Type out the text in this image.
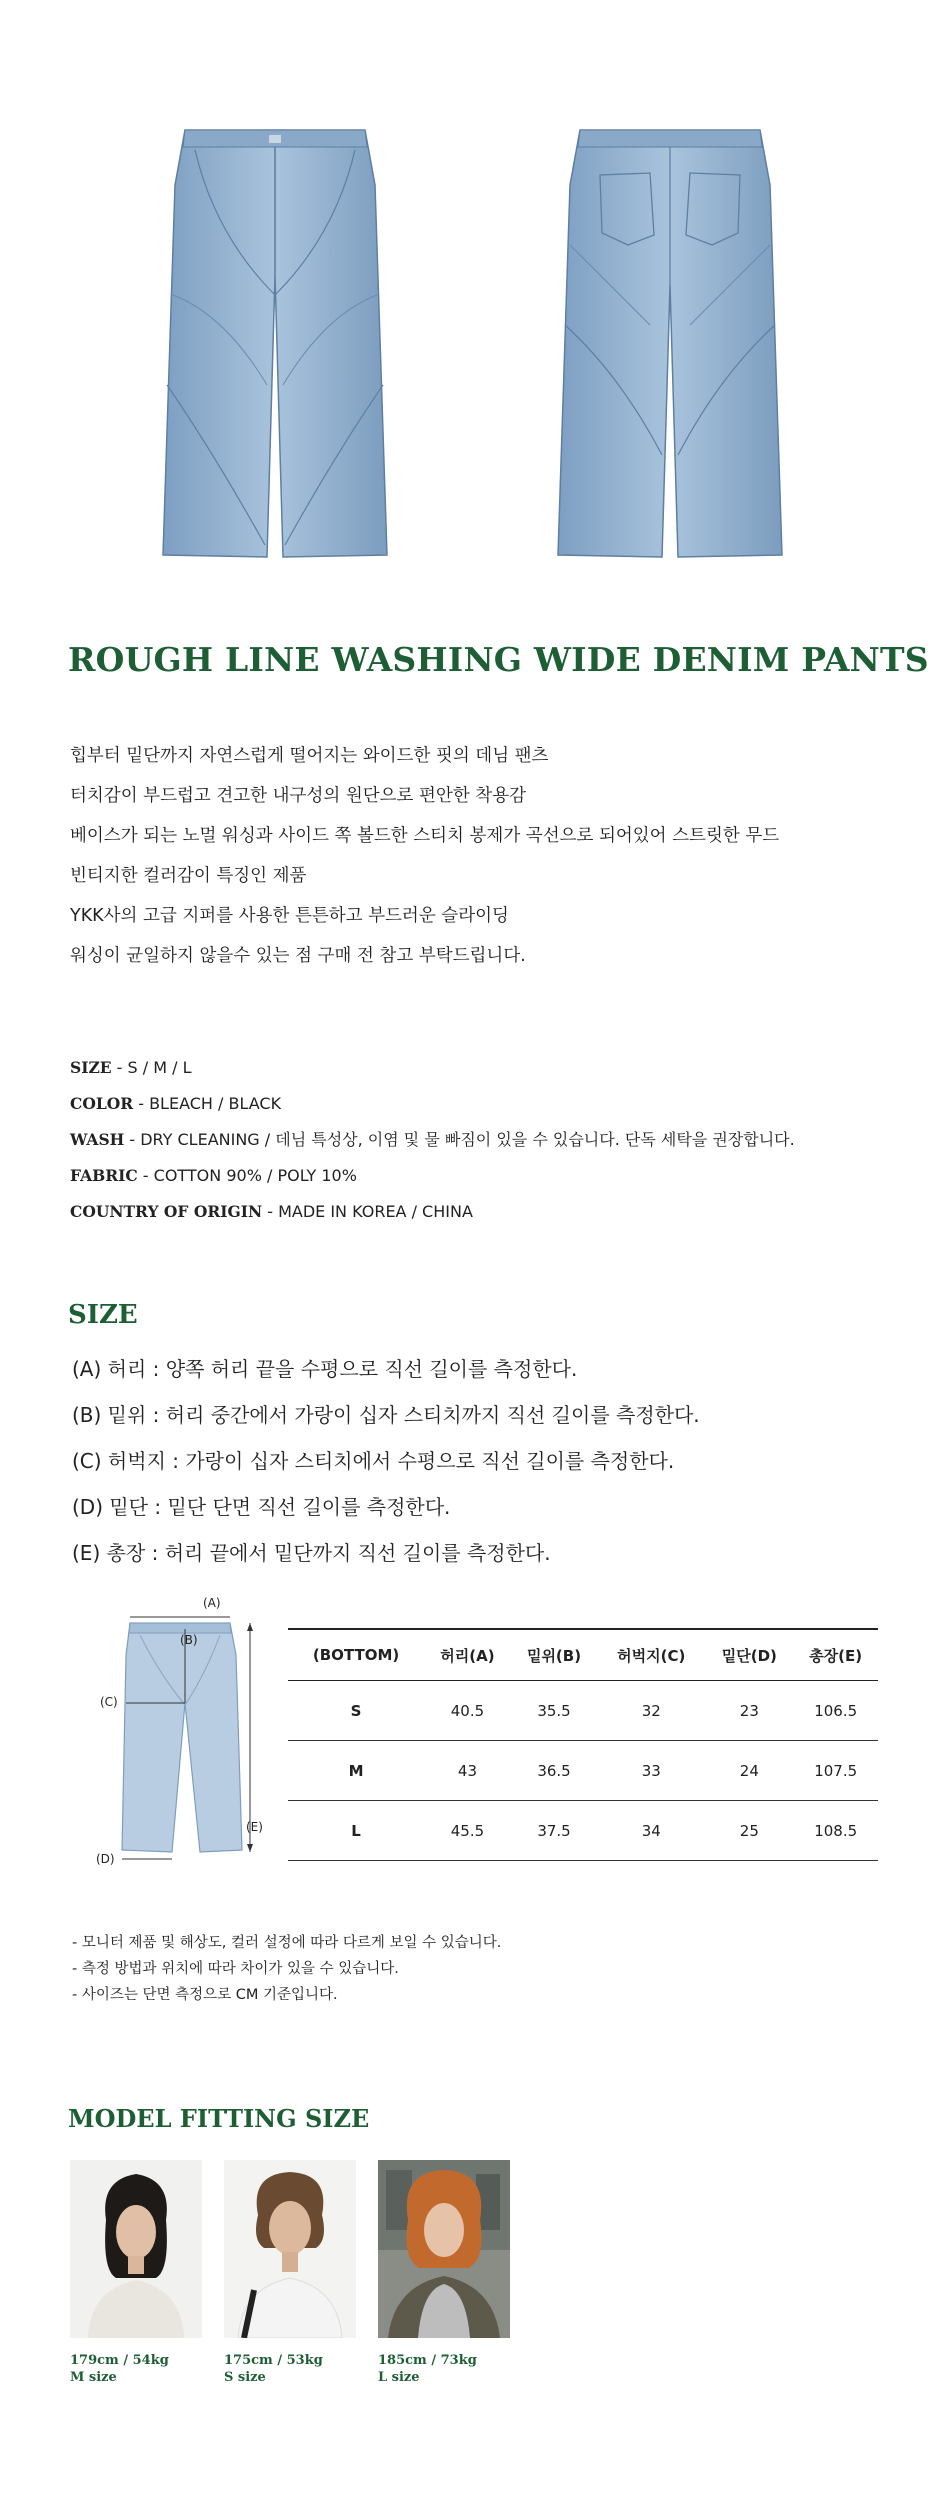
ROUGH LINE WASHING WIDE DENIM PANTS
힙부터 밑단까지 자연스럽게 떨어지는 와이드한 핏의 데님 팬츠
터치감이 부드럽고 견고한 내구성의 원단으로 편안한 착용감
베이스가 되는 노멀 워싱과 사이드 쪽 볼드한 스티치 봉제가 곡선으로 되어있어 스트릿한 무드
빈티지한 컬러감이 특징인 제품
YKK사의 고급 지퍼를 사용한 튼튼하고 부드러운 슬라이딩
워싱이 균일하지 않을수 있는 점 구매 전 참고 부탁드립니다.
SIZE - S / M / L
COLOR - BLEACH / BLACK
WASH - DRY CLEANING / 데님 특성상, 이염 및 물 빠짐이 있을 수 있습니다. 단독 세탁을 권장합니다.
FABRIC - COTTON 90% / POLY 10%
COUNTRY OF ORIGIN - MADE IN KOREA / CHINA
SIZE
(A) 허리 : 양쪽 허리 끝을 수평으로 직선 길이를 측정한다.
(B) 밑위 : 허리 중간에서 가랑이 십자 스티치까지 직선 길이를 측정한다.
(C) 허벅지 : 가랑이 십자 스티치에서 수평으로 직선 길이를 측정한다.
(D) 밑단 : 밑단 단면 직선 길이를 측정한다.
(E) 총장 : 허리 끝에서 밑단까지 직선 길이를 측정한다.
(A)
(B)
(C)
(D)
(E)
(BOTTOM)	허리(A)	밑위(B)	허벅지(C)	밑단(D)	총장(E)
S	40.5	35.5	32	23	106.5
M	43	36.5	33	24	107.5
L	45.5	37.5	34	25	108.5
- 모니터 제품 및 해상도, 컬러 설정에 따라 다르게 보일 수 있습니다.
- 측정 방법과 위치에 따라 차이가 있을 수 있습니다.
- 사이즈는 단면 측정으로 CM 기준입니다.
MODEL FITTING SIZE
179cm / 54kg
M size
175cm / 53kg
S size
185cm / 73kg
L size
